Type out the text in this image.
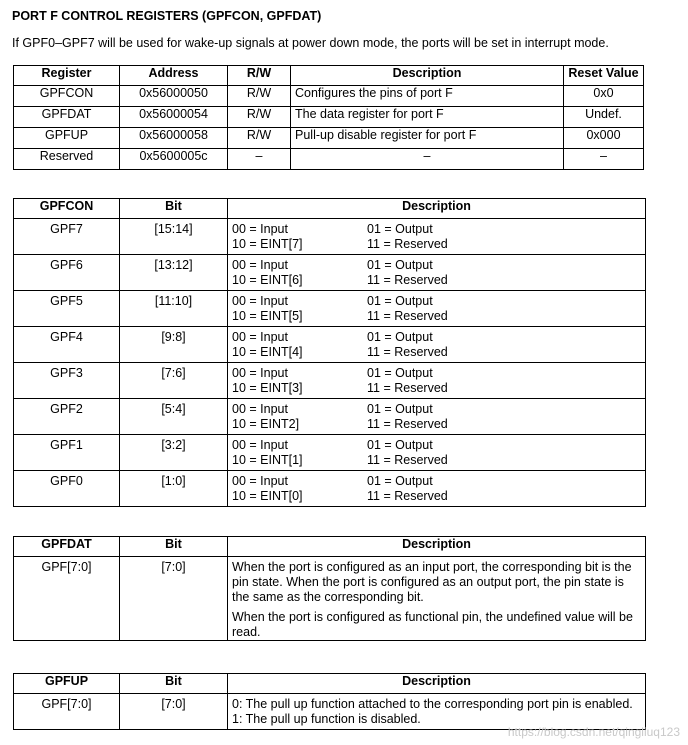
PORT F CONTROL REGISTERS (GPFCON, GPFDAT)
If GPF0–GPF7 will be used for wake-up signals at power down mode, the ports will be set in interrupt mode.
Register	Address	R/W	Description	Reset Value
GPFCON	0x56000050	R/W	Configures the pins of port F	0x0
GPFDAT	0x56000054	R/W	The data register for port F	Undef.
GPFUP	0x56000058	R/W	Pull-up disable register for port F	0x000
Reserved	0x5600005c	–	–	–
GPFCON	Bit	Description
GPF7	[15:14]	00 = Input 01 = Output
10 = EINT[7] 11 = Reserved

GPF6	[13:12]	00 = Input 01 = Output
10 = EINT[6] 11 = Reserved

GPF5	[11:10]	00 = Input 01 = Output
10 = EINT[5] 11 = Reserved

GPF4	[9:8]	00 = Input 01 = Output
10 = EINT[4] 11 = Reserved

GPF3	[7:6]	00 = Input 01 = Output
10 = EINT[3] 11 = Reserved

GPF2	[5:4]	00 = Input 01 = Output
10 = EINT2] 11 = Reserved

GPF1	[3:2]	00 = Input 01 = Output
10 = EINT[1] 11 = Reserved

GPF0	[1:0]	00 = Input 01 = Output
10 = EINT[0] 11 = Reserved
GPFDAT	Bit	Description
GPF[7:0]	[7:0]	When the port is configured as an input port, the corresponding bit is the pin state. When the port is configured as an output port, the pin state is the same as the corresponding bit.

When the port is configured as functional pin, the undefined value will be read.

GPFUP	Bit	Description
GPF[7:0]	[7:0]	0: The pull up function attached to the corresponding port pin is enabled.
1: The pull up function is disabled.
https://blog.csdn.net/qingliuq123
